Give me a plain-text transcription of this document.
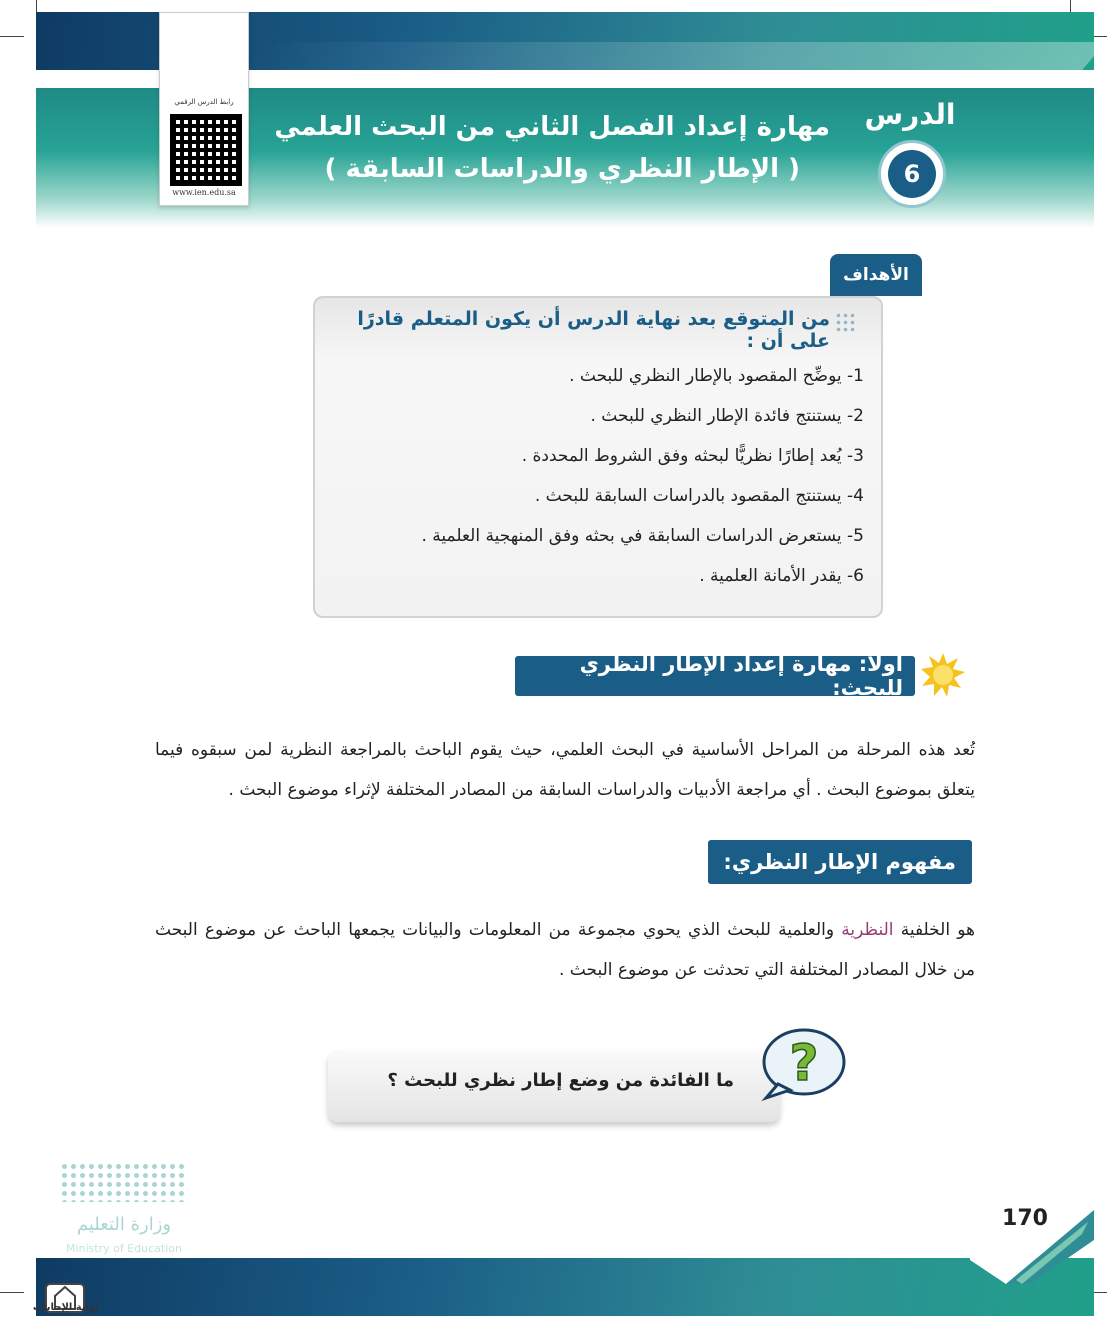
رابط الدرس الرقمي
www.ien.edu.sa
الدرس
6
مهارة إعداد الفصل الثاني من البحث العلمي
( الإطار النظري والدراسات السابقة )
الأهداف
من المتوقع بعد نهاية الدرس أن يكون المتعلم قادرًا على أن :
1- يوضِّح المقصود بالإطار النظري للبحث .
2- يستنتج فائدة الإطار النظري للبحث .
3- يُعد إطارًا نظريًّا لبحثه وفق الشروط المحددة .
4- يستنتج المقصود بالدراسات السابقة للبحث .
5- يستعرض الدراسات السابقة في بحثه وفق المنهجية العلمية .
6- يقدر الأمانة العلمية .
أولا: مهارة إعداد الإطار النظري للبحث:
تُعد هذه المرحلة من المراحل الأساسية في البحث العلمي، حيث يقوم الباحث بالمراجعة النظرية لمن سبقوه فيما يتعلق بموضوع البحث . أي مراجعة الأدبيات والدراسات السابقة من المصادر المختلفة لإثراء موضوع البحث .
مفهوم الإطار النظري:
هو الخلفية النظرية والعلمية للبحث الذي يحوي مجموعة من المعلومات والبيانات يجمعها الباحث عن موضوع البحث من خلال المصادر المختلفة التي تحدثت عن موضوع البحث .
ما الفائدة من وضع إطار نظري للبحث ؟ ?
وزارة التعليم
Ministry of Education
170
بوابة الإجابات
